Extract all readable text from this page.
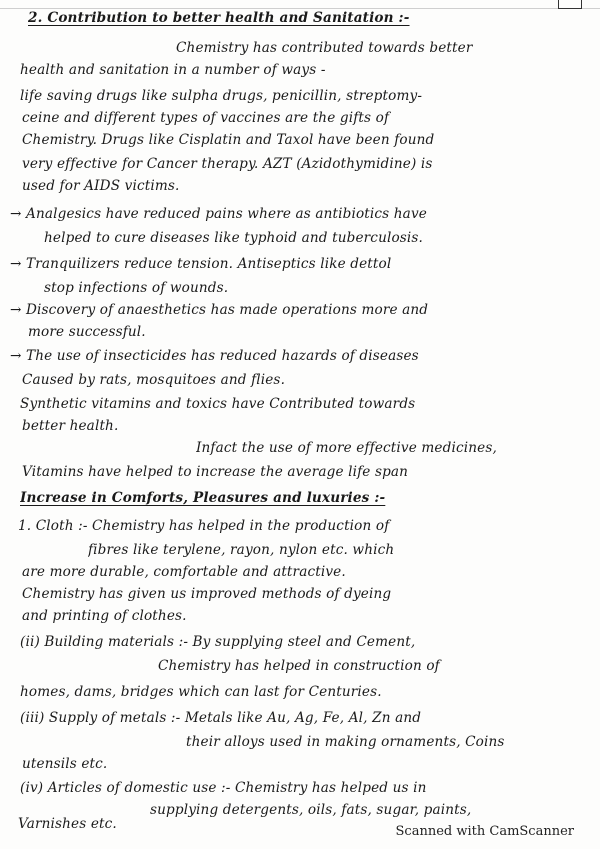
2. Contribution to better health and Sanitation :-
Chemistry has contributed towards better
health and sanitation in a number of ways -
life saving drugs like sulpha drugs, penicillin, streptomy-
ceine and different types of vaccines are the gifts of
Chemistry. Drugs like Cisplatin and Taxol have been found
very effective for Cancer therapy. AZT (Azidothymidine) is
used for AIDS victims.
→ Analgesics have reduced pains where as antibiotics have
helped to cure diseases like typhoid and tuberculosis.
→ Tranquilizers reduce tension. Antiseptics like dettol
stop infections of wounds.
→ Discovery of anaesthetics has made operations more and
more successful.
→ The use of insecticides has reduced hazards of diseases
Caused by rats, mosquitoes and flies.
Synthetic vitamins and toxics have Contributed towards
better health.
Infact the use of more effective medicines,
Vitamins have helped to increase the average life span
Increase in Comforts, Pleasures and luxuries :-
1. Cloth :- Chemistry has helped in the production of
fibres like terylene, rayon, nylon etc. which
are more durable, comfortable and attractive.
Chemistry has given us improved methods of dyeing
and printing of clothes.
(ii) Building materials :- By supplying steel and Cement,
Chemistry has helped in construction of
homes, dams, bridges which can last for Centuries.
(iii) Supply of metals :- Metals like Au, Ag, Fe, Al, Zn and
their alloys used in making ornaments, Coins
utensils etc.
(iv) Articles of domestic use :- Chemistry has helped us in
supplying detergents, oils, fats, sugar, paints,
Varnishes etc.	Scanned with CamScanner
